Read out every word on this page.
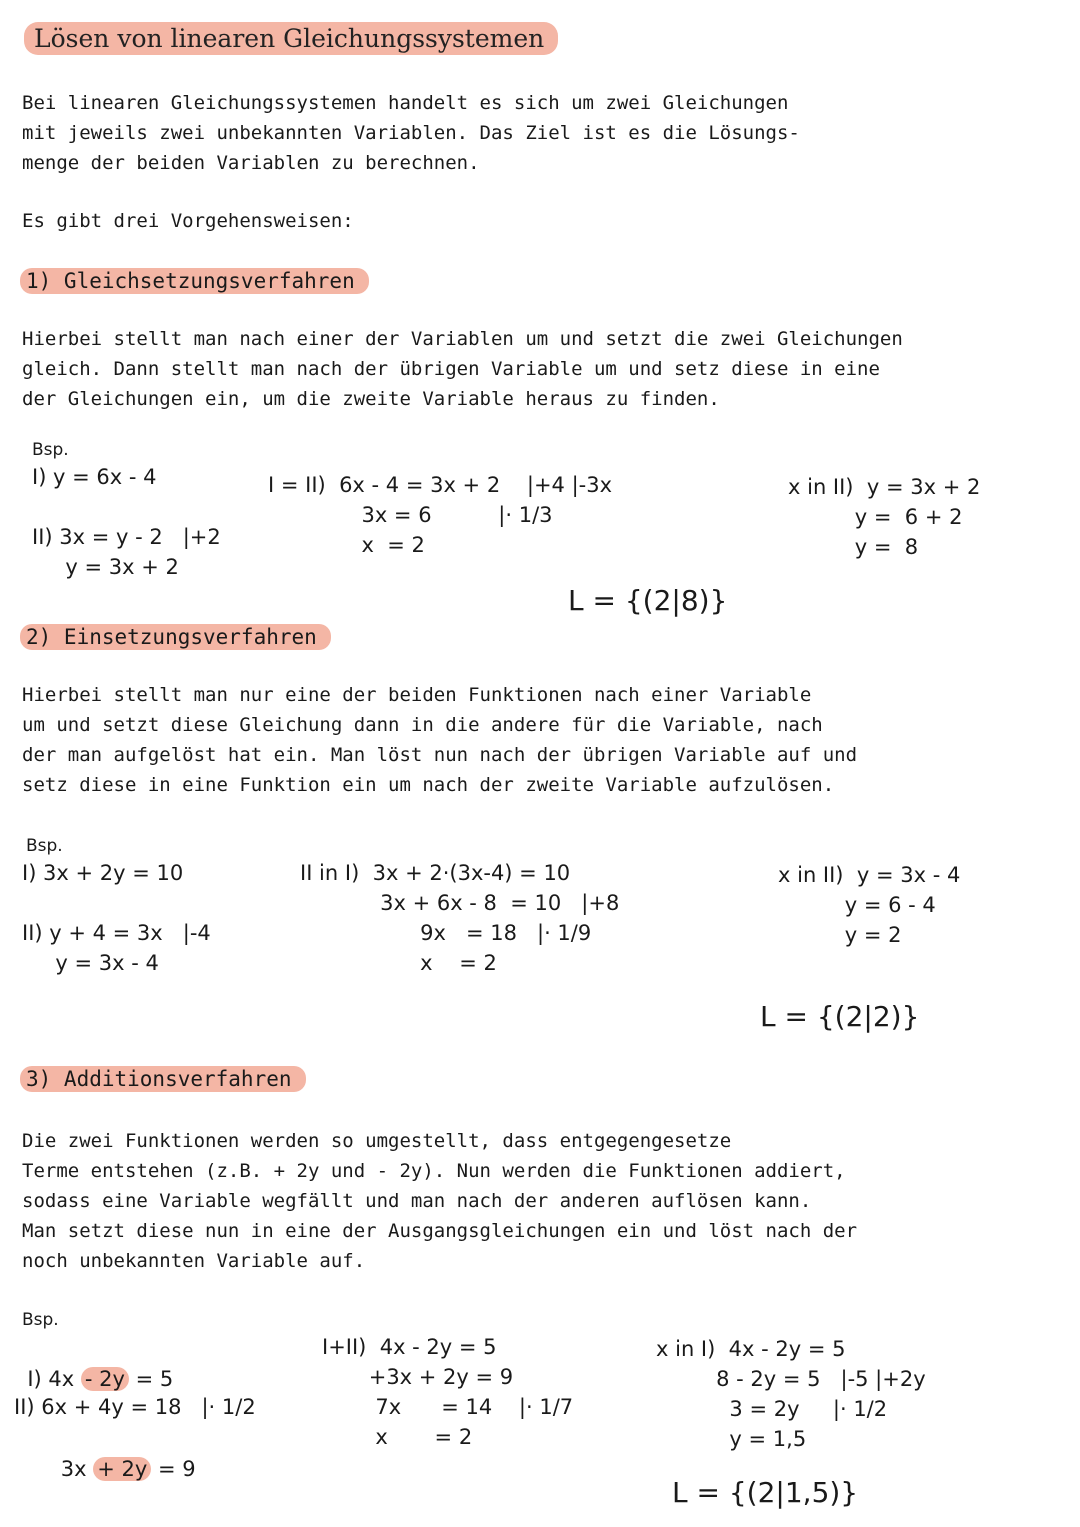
Lösen von linearen Gleichungssystemen
Bei linearen Gleichungssystemen handelt es sich um zwei Gleichungen
mit jeweils zwei unbekannten Variablen. Das Ziel ist es die Lösungs-
menge der beiden Variablen zu berechnen.
Es gibt drei Vorgehensweisen:
1) Gleichsetzungsverfahren
Hierbei stellt man nach einer der Variablen um und setzt die zwei Gleichungen
gleich. Dann stellt man nach der übrigen Variable um und setz diese in eine
der Gleichungen ein, um die zweite Variable heraus zu finden.
Bsp.
I) y = 6x - 4

II) 3x = y - 2   |+2
y = 3x + 2
I = II)  6x - 4 = 3x + 2    |+4 |-3x
3x = 6          |· 1/3
x  = 2
x in II)  y = 3x + 2
y =  6 + 2
y =  8
L = {(2|8)}
2) Einsetzungsverfahren
Hierbei stellt man nur eine der beiden Funktionen nach einer Variable
um und setzt diese Gleichung dann in die andere für die Variable, nach
der man aufgelöst hat ein. Man löst nun nach der übrigen Variable auf und
setz diese in eine Funktion ein um nach der zweite Variable aufzulösen.
Bsp.
I) 3x + 2y = 10

II) y + 4 = 3x   |-4
y = 3x - 4
II in I)  3x + 2·(3x-4) = 10
3x + 6x - 8  = 10   |+8
9x   = 18   |· 1/9
x    = 2
x in II)  y = 3x - 4
y = 6 - 4
y = 2
L = {(2|2)}
3) Additionsverfahren
Die zwei Funktionen werden so umgestellt, dass entgegengesetze
Terme entstehen (z.B. + 2y und - 2y). Nun werden die Funktionen addiert,
sodass eine Variable wegfällt und man nach der anderen auflösen kann.
Man setzt diese nun in eine der Ausgangsgleichungen ein und löst nach der
noch unbekannten Variable auf.
Bsp.

I) 4x - 2y = 5

II) 6x + 4y = 18   |· 1/2

3x + 2y = 9

I+II)  4x - 2y = 5
+3x + 2y = 9
7x      = 14    |· 1/7
x       = 2
x in I)  4x - 2y = 5
8 - 2y = 5   |-5 |+2y
3 = 2y     |· 1/2
y = 1,5
L = {(2|1,5)}
